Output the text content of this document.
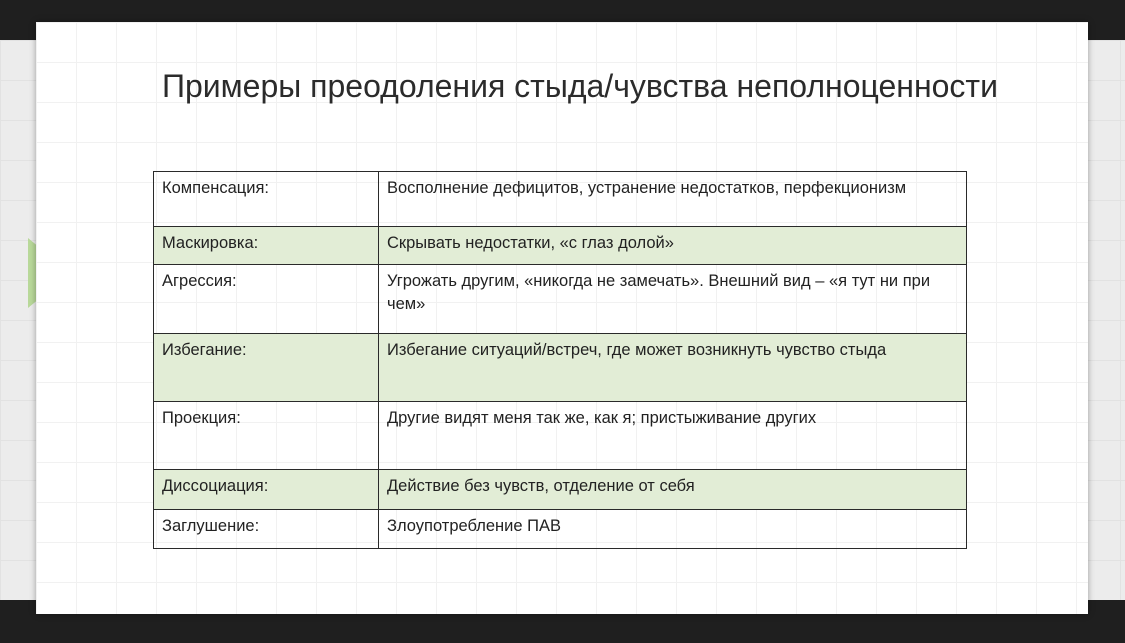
Примеры преодоления стыда/чувства неполноценности
Компенсация:	Восполнение дефицитов, устранение недостатков, перфекционизм
Маскировка:	Скрывать недостатки, «с глаз долой»
Агрессия:	Угрожать другим, «никогда не замечать». Внешний вид – «я тут ни при чем»
Избегание:	Избегание ситуаций/встреч, где может возникнуть чувство стыда
Проекция:	Другие видят меня так же, как я; пристыживание других
Диссоциация:	Действие без чувств, отделение от себя
Заглушение:	Злоупотребление ПАВ
